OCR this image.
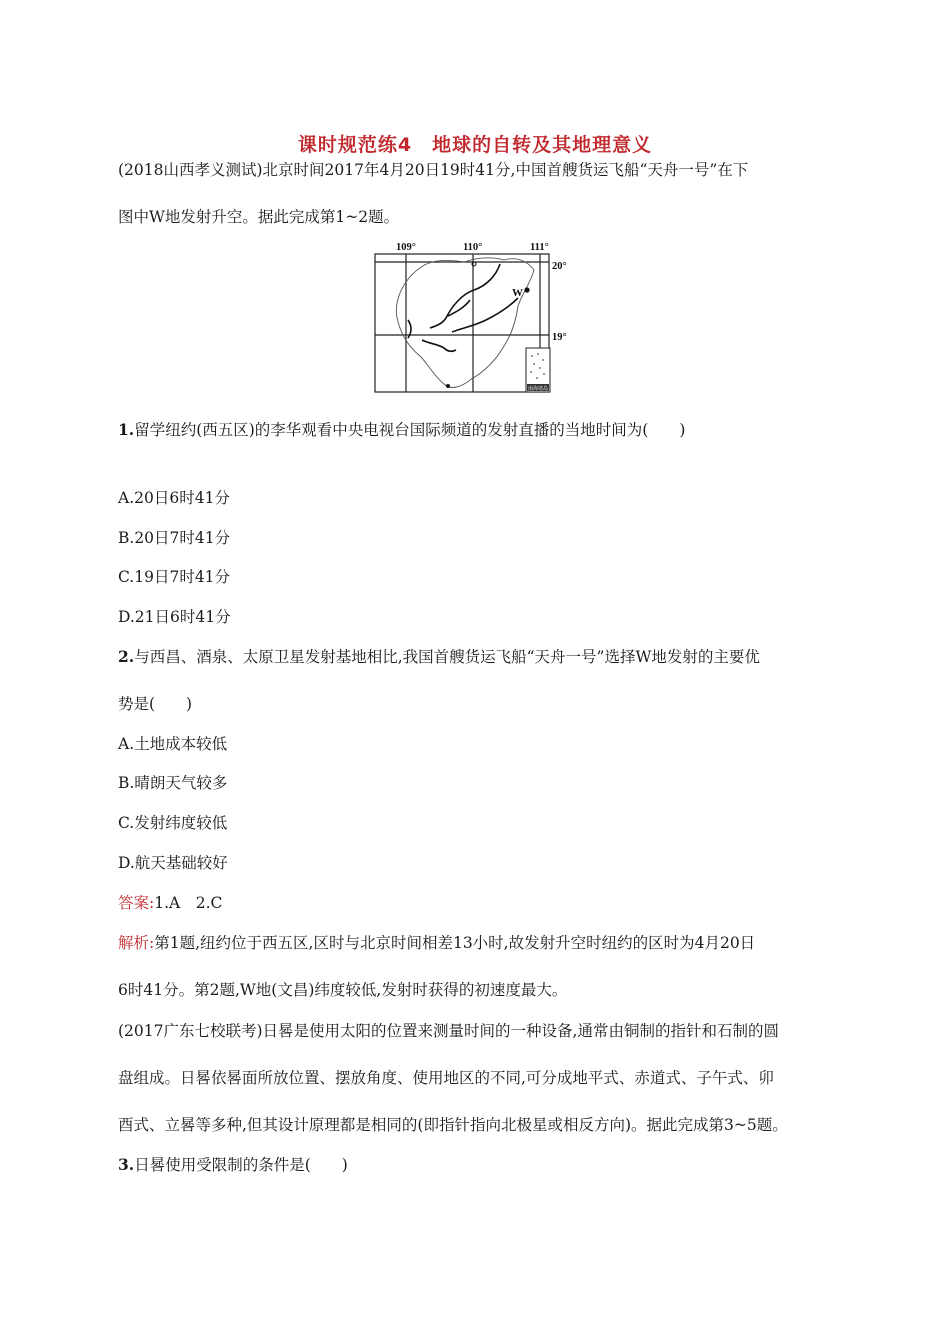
课时规范练4　地球的自转及其地理意义
(2018山西孝义测试)北京时间2017年4月20日19时41分,中国首艘货运飞船“天舟一号”在下
图中W地发射升空。据此完成第1~2题。
W
109°	110°	111°
20°
19°
南海诸岛
1.留学纽约(西五区)的李华观看中央电视台国际频道的发射直播的当地时间为(　　)
A.20日6时41分
B.20日7时41分
C.19日7时41分
D.21日6时41分
2.与西昌、酒泉、太原卫星发射基地相比,我国首艘货运飞船“天舟一号”选择W地发射的主要优
势是(　　)
A.土地成本较低
B.晴朗天气较多
C.发射纬度较低
D.航天基础较好
答案:1.A　2.C
解析:第1题,纽约位于西五区,区时与北京时间相差13小时,故发射升空时纽约的区时为4月20日
6时41分。第2题,W地(文昌)纬度较低,发射时获得的初速度最大。
(2017广东七校联考)日晷是使用太阳的位置来测量时间的一种设备,通常由铜制的指针和石制的圆
盘组成。日晷依晷面所放位置、摆放角度、使用地区的不同,可分成地平式、赤道式、子午式、卯
酉式、立晷等多种,但其设计原理都是相同的(即指针指向北极星或相反方向)。据此完成第3~5题。
3.日晷使用受限制的条件是(　　)
